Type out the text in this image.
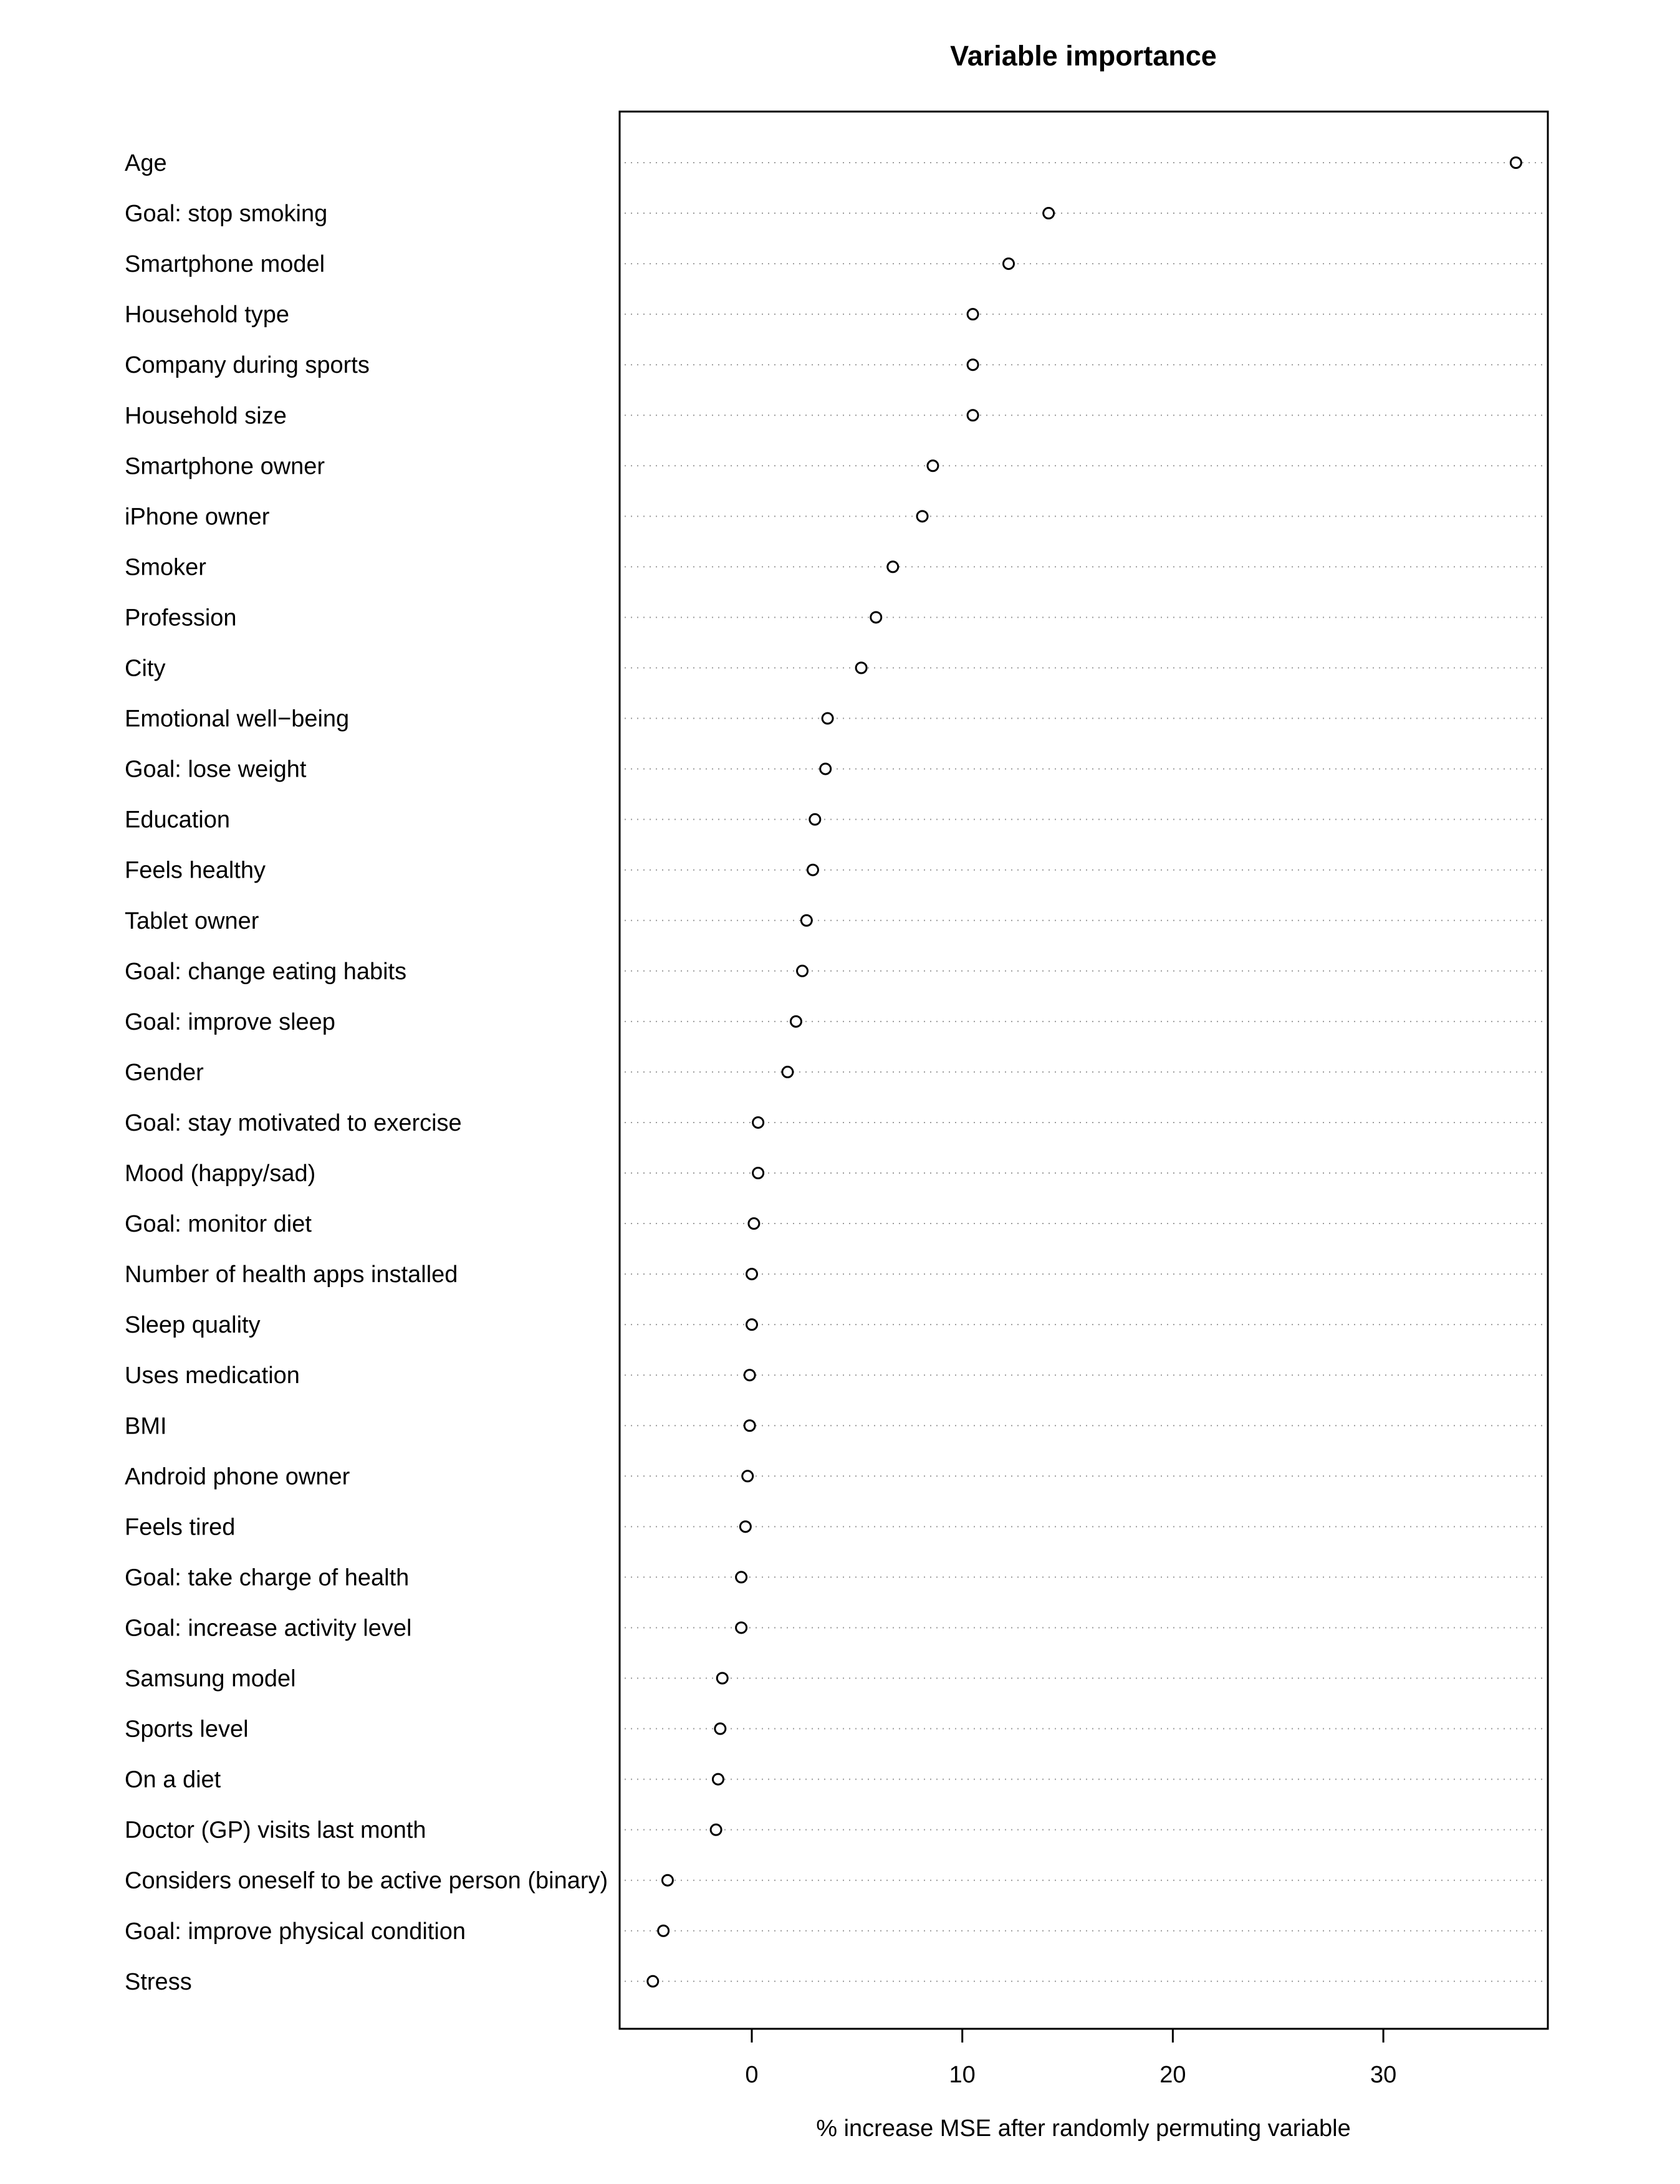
Variable importance
Age
Goal: stop smoking
Smartphone model
Household type
Company during sports
Household size
Smartphone owner
iPhone owner
Smoker
Profession
City
Emotional well−being
Goal: lose weight
Education
Feels healthy
Tablet owner
Goal: change eating habits
Goal: improve sleep
Gender
Goal: stay motivated to exercise
Mood (happy/sad)
Goal: monitor diet
Number of health apps installed
Sleep quality
Uses medication
BMI
Android phone owner
Feels tired
Goal: take charge of health
Goal: increase activity level
Samsung model
Sports level
On a diet
Doctor (GP) visits last month
Considers oneself to be active person (binary)
Goal: improve physical condition
Stress
0	10	20	30
% increase MSE after randomly permuting variable
